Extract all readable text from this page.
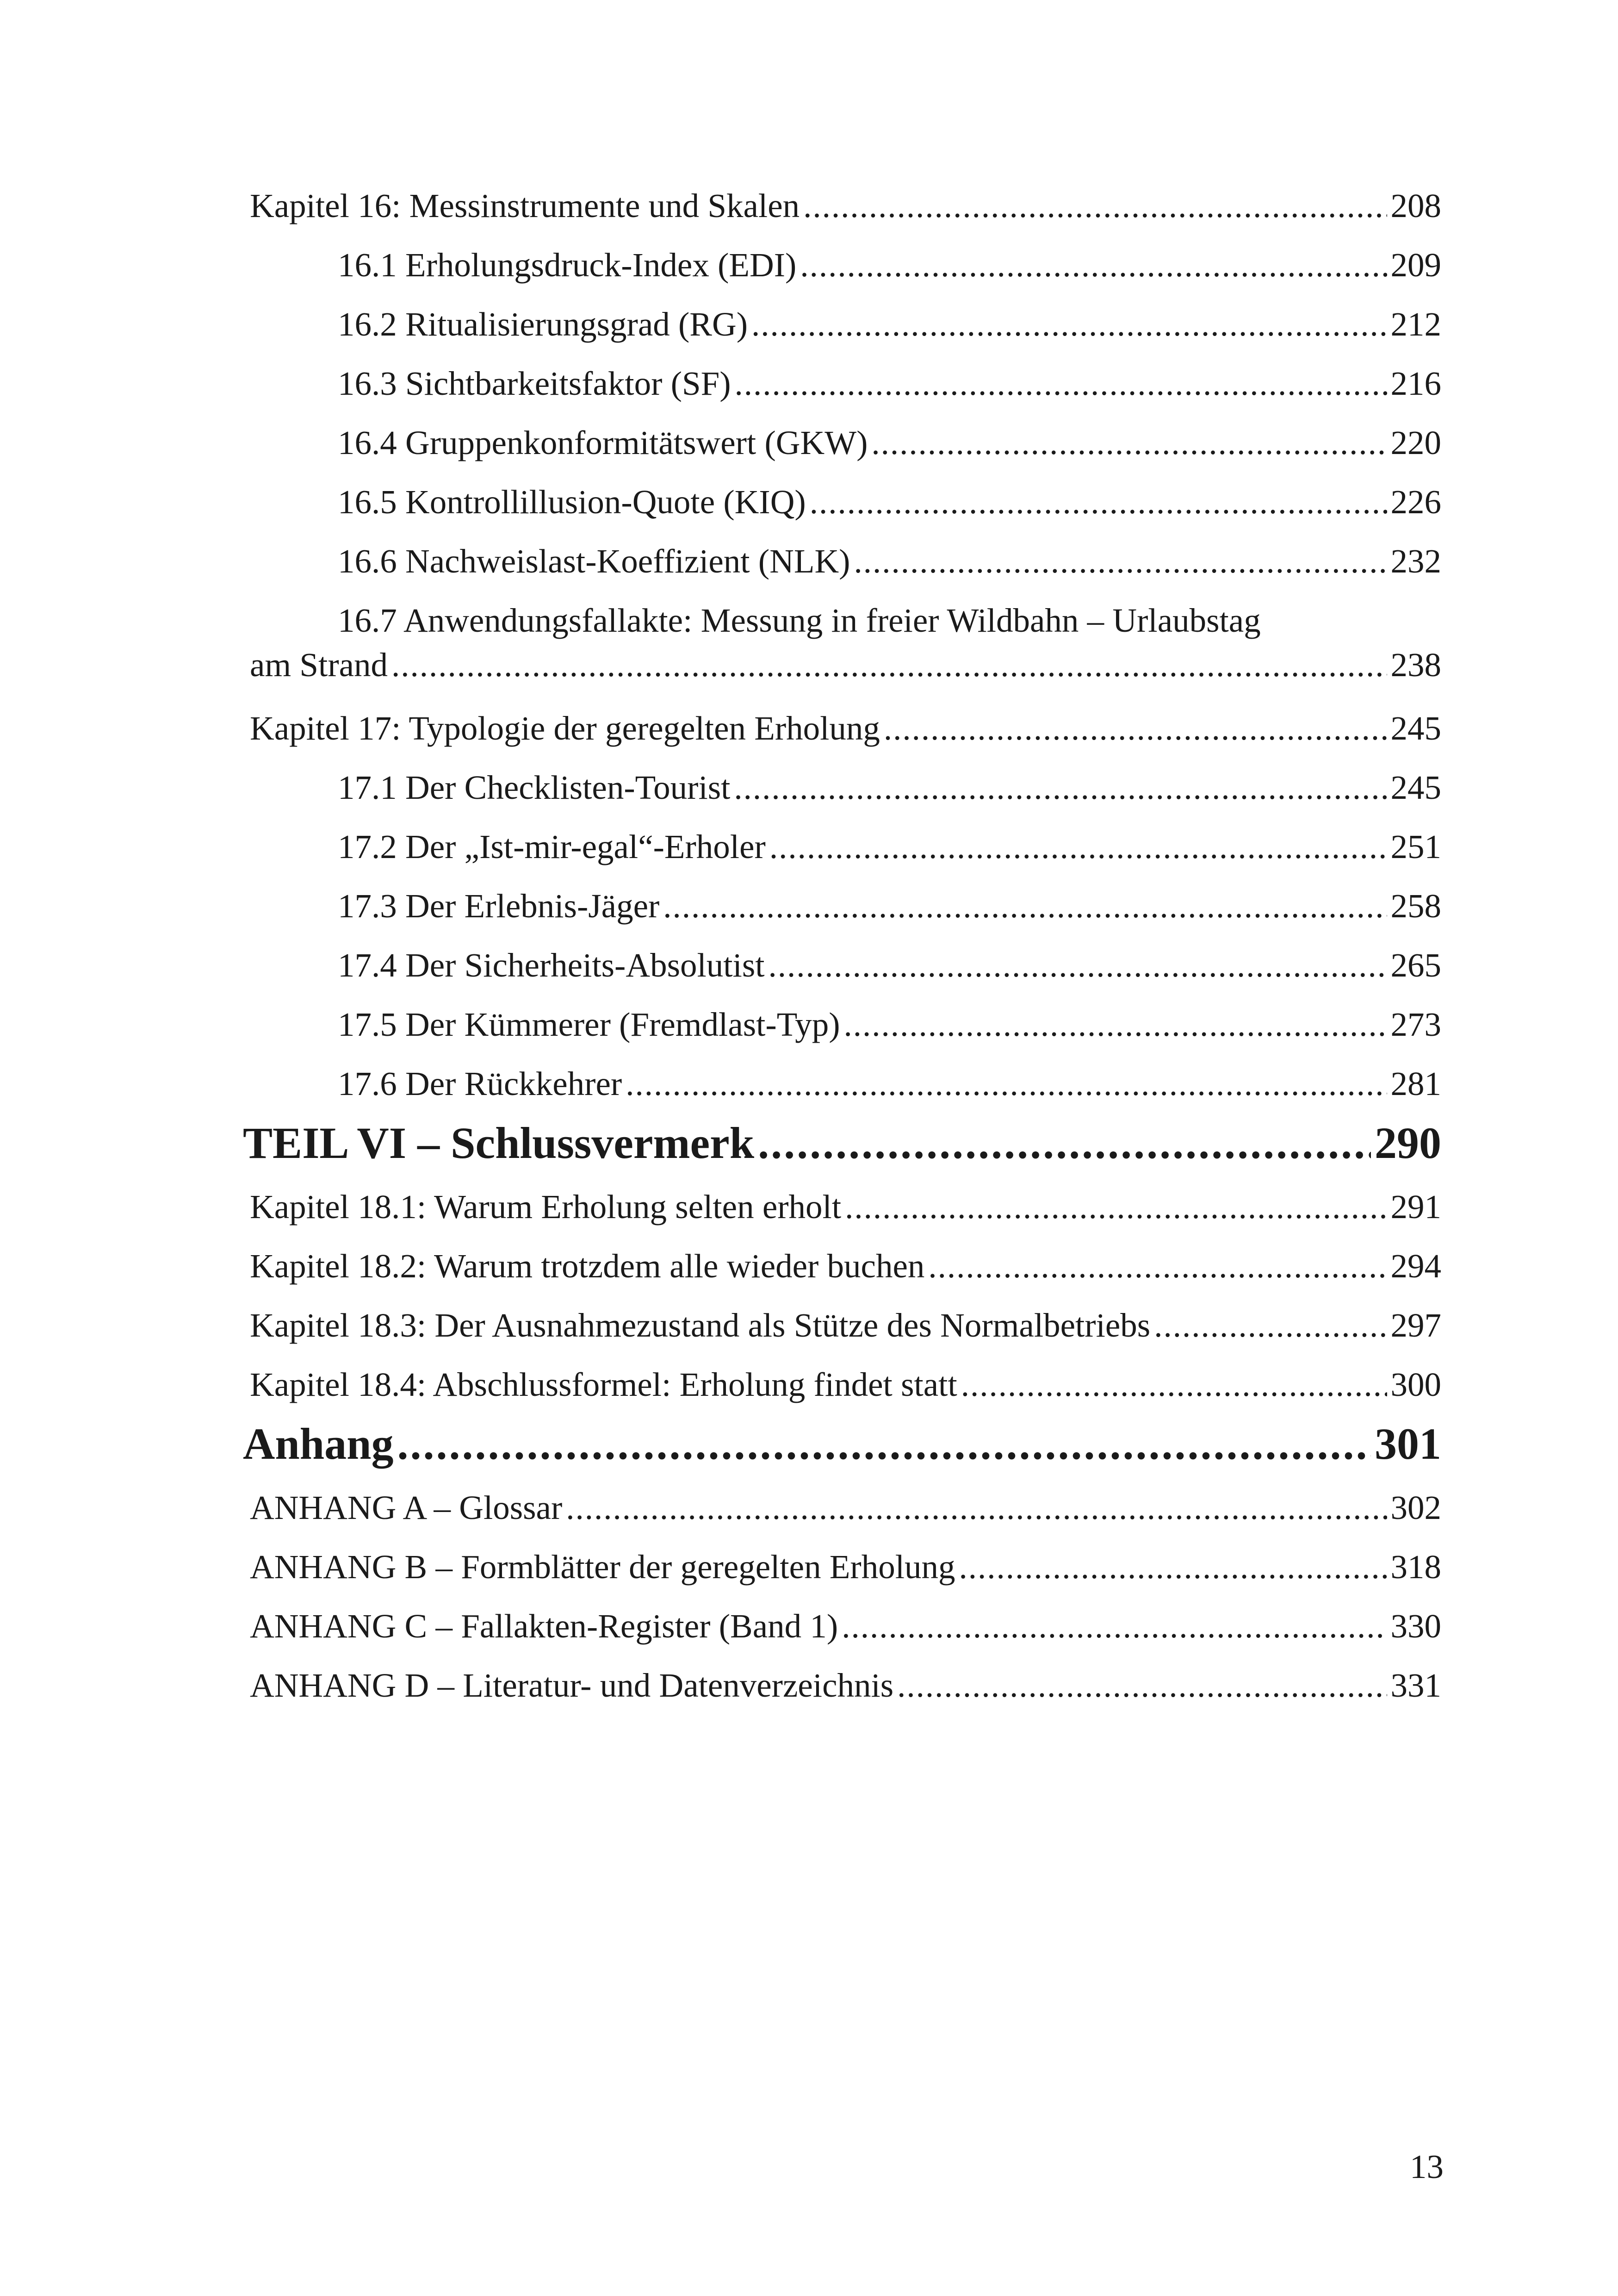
Kapitel 16: Messinstrumente und Skalen .....	208
16.1 Erholungsdruck-Index (EDI) .....	209
16.2 Ritualisierungsgrad (RG) .....	212
16.3 Sichtbarkeitsfaktor (SF) .....	216
16.4 Gruppenkonformitätswert (GKW) .....	220
16.5 Kontrollillusion-Quote (KIQ) .....	226
16.6 Nachweislast-Koeffizient (NLK) .....	232
16.7 Anwendungsfallakte: Messung in freier Wildbahn – Urlaubstag
am Strand .....	238
Kapitel 17: Typologie der geregelten Erholung .....	245
17.1 Der Checklisten-Tourist .....	245
17.2 Der „Ist-mir-egal“-Erholer .....	251
17.3 Der Erlebnis-Jäger .....	258
17.4 Der Sicherheits-Absolutist .....	265
17.5 Der Kümmerer (Fremdlast-Typ) .....	273
17.6 Der Rückkehrer .....	281
TEIL VI – Schlussvermerk .....	290
Kapitel 18.1: Warum Erholung selten erholt .....	291
Kapitel 18.2: Warum trotzdem alle wieder buchen .....	294
Kapitel 18.3: Der Ausnahmezustand als Stütze des Normalbetriebs .....	297
Kapitel 18.4: Abschlussformel: Erholung findet statt .....	300
Anhang .....	301
ANHANG A – Glossar .....	302
ANHANG B – Formblätter der geregelten Erholung .....	318
ANHANG C – Fallakten-Register (Band 1) .....	330
ANHANG D – Literatur- und Datenverzeichnis .....	331
13
